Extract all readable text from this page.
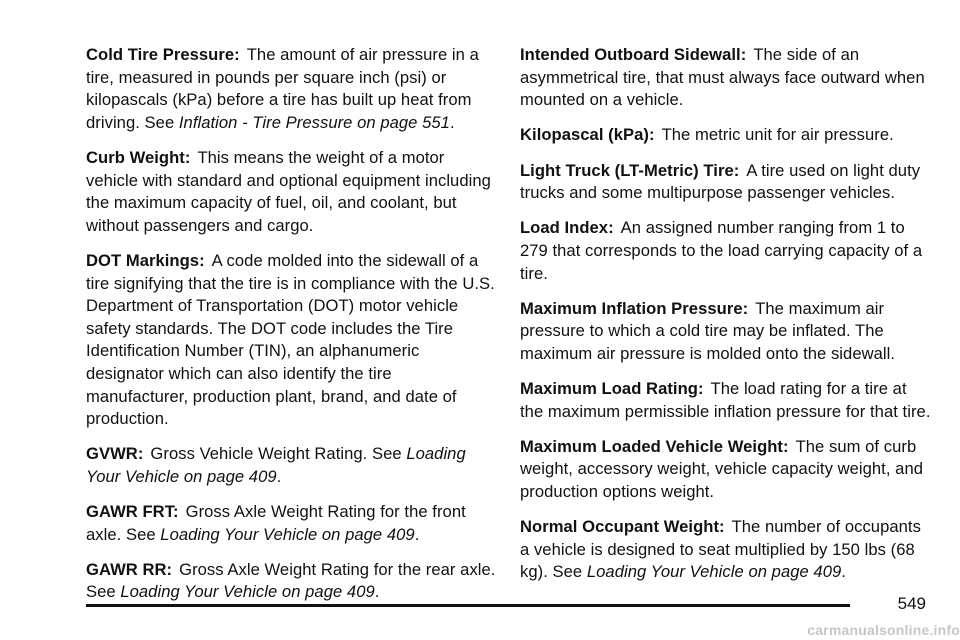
Cold Tire Pressure: The amount of air pressure in a tire, measured in pounds per square inch (psi) or kilopascals (kPa) before a tire has built up heat from driving. See Inflation - Tire Pressure on page 551.

Curb Weight: This means the weight of a motor vehicle with standard and optional equipment including the maximum capacity of fuel, oil, and coolant, but without passengers and cargo.

DOT Markings: A code molded into the sidewall of a tire signifying that the tire is in compliance with the U.S. Department of Transportation (DOT) motor vehicle safety standards. The DOT code includes the Tire Identification Number (TIN), an alphanumeric designator which can also identify the tire manufacturer, production plant, brand, and date of production.

GVWR: Gross Vehicle Weight Rating. See Loading Your Vehicle on page 409.

GAWR FRT: Gross Axle Weight Rating for the front axle. See Loading Your Vehicle on page 409.

GAWR RR: Gross Axle Weight Rating for the rear axle. See Loading Your Vehicle on page 409.

Intended Outboard Sidewall: The side of an asymmetrical tire, that must always face outward when mounted on a vehicle.

Kilopascal (kPa): The metric unit for air pressure.

Light Truck (LT-Metric) Tire: A tire used on light duty trucks and some multipurpose passenger vehicles.

Load Index: An assigned number ranging from 1 to 279 that corresponds to the load carrying capacity of a tire.

Maximum Inflation Pressure: The maximum air pressure to which a cold tire may be inflated. The maximum air pressure is molded onto the sidewall.

Maximum Load Rating: The load rating for a tire at the maximum permissible inflation pressure for that tire.

Maximum Loaded Vehicle Weight: The sum of curb weight, accessory weight, vehicle capacity weight, and production options weight.

Normal Occupant Weight: The number of occupants a vehicle is designed to seat multiplied by 150 lbs (68 kg). See Loading Your Vehicle on page 409.

549
carmanualsonline.info
